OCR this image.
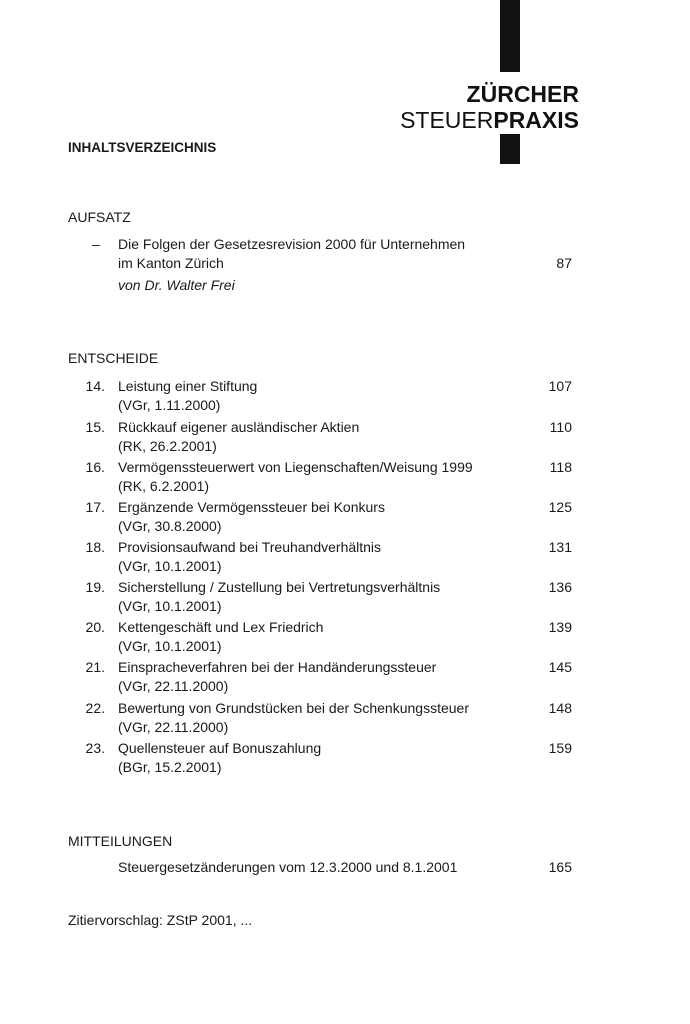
ZÜRCHER
STEUERPRAXIS
INHALTSVERZEICHNIS
AUFSATZ
– Die Folgen der Gesetzesrevision 2000 für Unternehmen
im Kanton Zürich	87
von Dr. Walter Frei
ENTSCHEIDE
14. Leistung einer Stiftung	107
(VGr, 1.11.2000)
15. Rückkauf eigener ausländischer Aktien	110
(RK, 26.2.2001)
16. Vermögenssteuerwert von Liegenschaften/Weisung 1999	118
(RK, 6.2.2001)
17. Ergänzende Vermögenssteuer bei Konkurs	125
(VGr, 30.8.2000)
18. Provisionsaufwand bei Treuhandverhältnis	131
(VGr, 10.1.2001)
19. Sicherstellung / Zustellung bei Vertretungsverhältnis	136
(VGr, 10.1.2001)
20. Kettengeschäft und Lex Friedrich	139
(VGr, 10.1.2001)
21. Einspracheverfahren bei der Handänderungssteuer	145
(VGr, 22.11.2000)
22. Bewertung von Grundstücken bei der Schenkungssteuer	148
(VGr, 22.11.2000)
23. Quellensteuer auf Bonuszahlung	159
(BGr, 15.2.2001)
MITTEILUNGEN
Steuergesetzänderungen vom 12.3.2000 und 8.1.2001	165
Zitiervorschlag: ZStP 2001, ...
